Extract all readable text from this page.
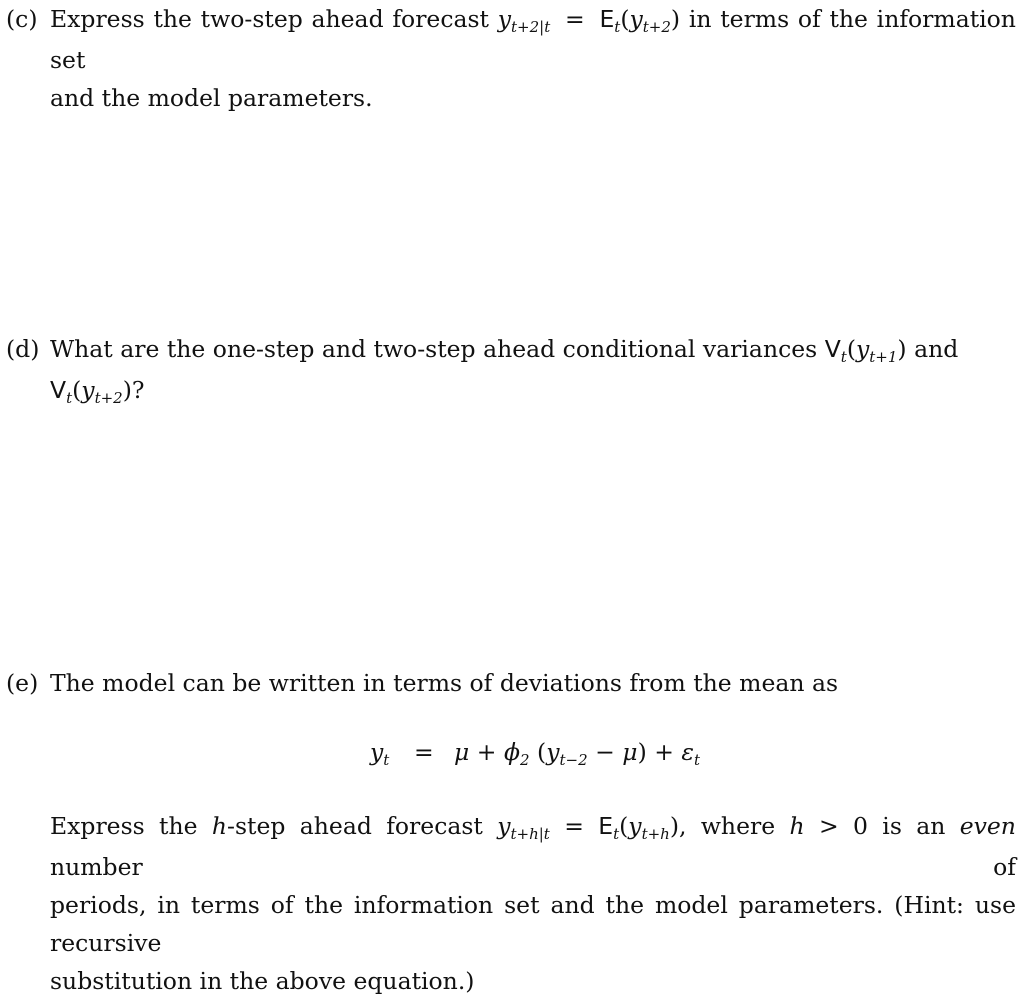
(c) Express the two-step ahead forecast $y_{t+2|t} = E_t(y_{t+2})$ in terms of the information set
and the model parameters.
(d) What are the one-step and two-step ahead conditional variances $V_t(y_{t+1})$ and $V_t(y_{t+2})$?
(e) The model can be written in terms of deviations from the mean as
$y_t = \mu + \phi_2$ $(y_{t-2} - \mu) + \varepsilon_t$
Express the h-step ahead forecast $y_{t+h|t} = E_t(y_{t+h})$, where h > 0 is an even number of
periods, in terms of the information set and the model parameters. (Hint: use recursive
substitution in the above equation.)
